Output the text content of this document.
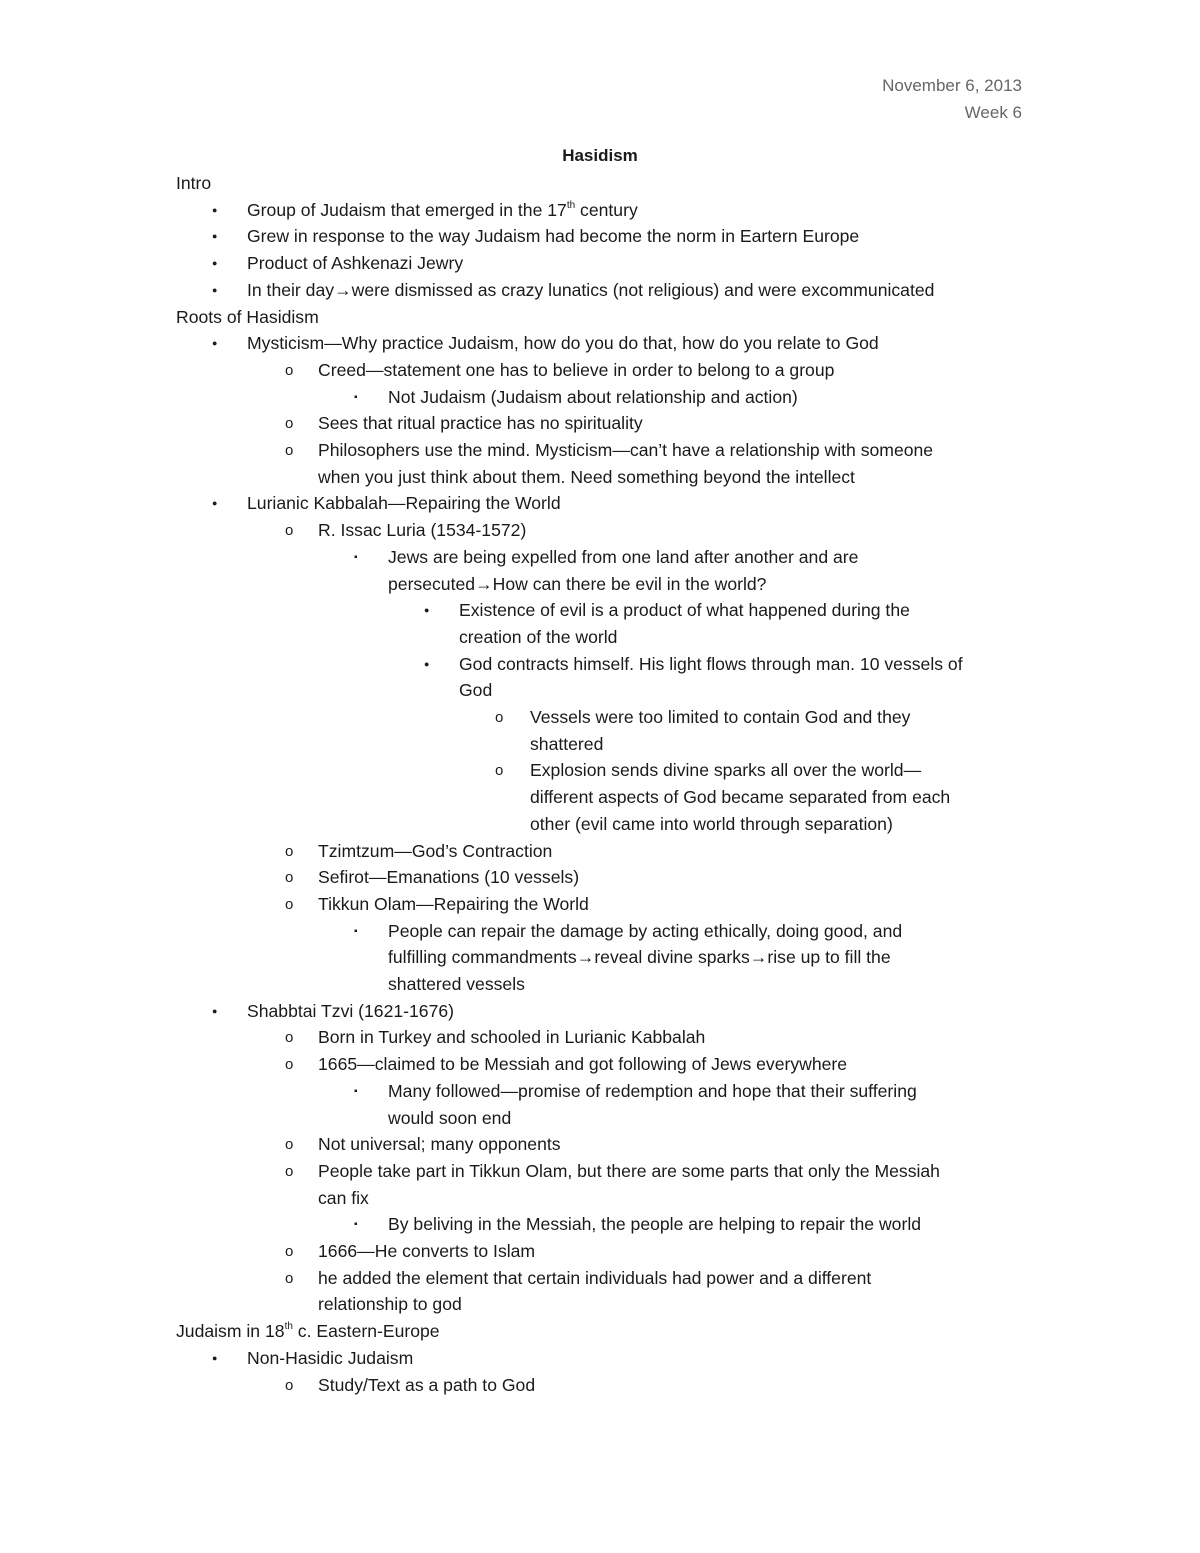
November 6, 2013
Week 6
Hasidism
Intro
● Group of Judaism that emerged in the 17th century
● Grew in response to the way Judaism had become the norm in Eartern Europe
● Product of Ashkenazi Jewry
● In their day→were dismissed as crazy lunatics (not religious) and were excommunicated
Roots of Hasidism
● Mysticism—Why practice Judaism, how do you do that, how do you relate to God
o Creed—statement one has to believe in order to belong to a group
▪ Not Judaism (Judaism about relationship and action)
o Sees that ritual practice has no spirituality
o Philosophers use the mind. Mysticism—can’t have a relationship with someone
when you just think about them. Need something beyond the intellect
● Lurianic Kabbalah—Repairing the World
o R. Issac Luria (1534-1572)
▪ Jews are being expelled from one land after another and are
persecuted→How can there be evil in the world?
● Existence of evil is a product of what happened during the
creation of the world
● God contracts himself. His light flows through man. 10 vessels of
God
o Vessels were too limited to contain God and they
shattered
o Explosion sends divine sparks all over the world—
different aspects of God became separated from each
other (evil came into world through separation)
o Tzimtzum—God’s Contraction
o Sefirot—Emanations (10 vessels)
o Tikkun Olam—Repairing the World
▪ People can repair the damage by acting ethically, doing good, and
fulfilling commandments→reveal divine sparks→rise up to fill the
shattered vessels
● Shabbtai Tzvi (1621-1676)
o Born in Turkey and schooled in Lurianic Kabbalah
o 1665—claimed to be Messiah and got following of Jews everywhere
▪ Many followed—promise of redemption and hope that their suffering
would soon end
o Not universal; many opponents
o People take part in Tikkun Olam, but there are some parts that only the Messiah
can fix
▪ By beliving in the Messiah, the people are helping to repair the world
o 1666—He converts to Islam
o he added the element that certain individuals had power and a different
relationship to god
Judaism in 18th c. Eastern-Europe
● Non-Hasidic Judaism
o Study/Text as a path to God
